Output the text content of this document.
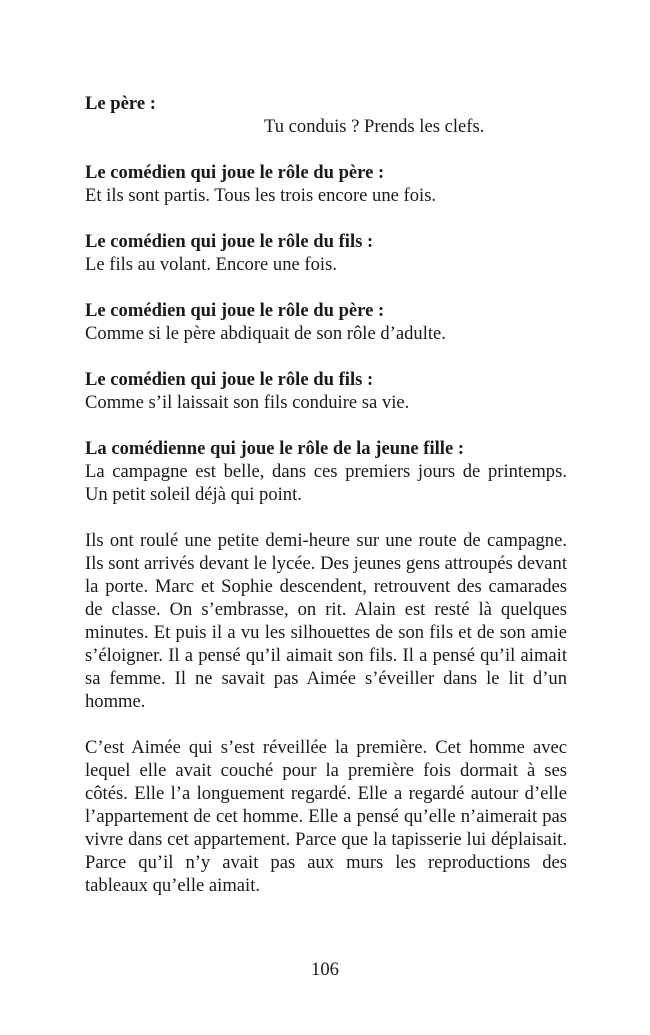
Le père :

Tu conduis ? Prends les clefs.

Le comédien qui joue le rôle du père :

Et ils sont partis. Tous les trois encore une fois.

Le comédien qui joue le rôle du fils :

Le fils au volant. Encore une fois.

Le comédien qui joue le rôle du père :

Comme si le père abdiquait de son rôle d’adulte.

Le comédien qui joue le rôle du fils :

Comme s’il laissait son fils conduire sa vie.

La comédienne qui joue le rôle de la jeune fille :

La campagne est belle, dans ces premiers jours de printemps. Un petit soleil déjà qui point.

Ils ont roulé une petite demi-heure sur une route de campagne. Ils sont arrivés devant le lycée. Des jeunes gens attroupés devant la porte. Marc et Sophie descendent, retrouvent des camarades de classe. On s’embrasse, on rit. Alain est resté là quelques minutes. Et puis il a vu les silhouettes de son fils et de son amie s’éloigner. Il a pensé qu’il aimait son fils. Il a pensé qu’il aimait sa femme. Il ne savait pas Aimée s’éveiller dans le lit d’un homme.

C’est Aimée qui s’est réveillée la première. Cet homme avec lequel elle avait couché pour la première fois dormait à ses côtés. Elle l’a longuement regardé. Elle a regardé autour d’elle l’appartement de cet homme. Elle a pensé qu’elle n’aimerait pas vivre dans cet appartement. Parce que la tapisserie lui déplaisait. Parce qu’il n’y avait pas aux murs les reproductions des tableaux qu’elle aimait.

106
